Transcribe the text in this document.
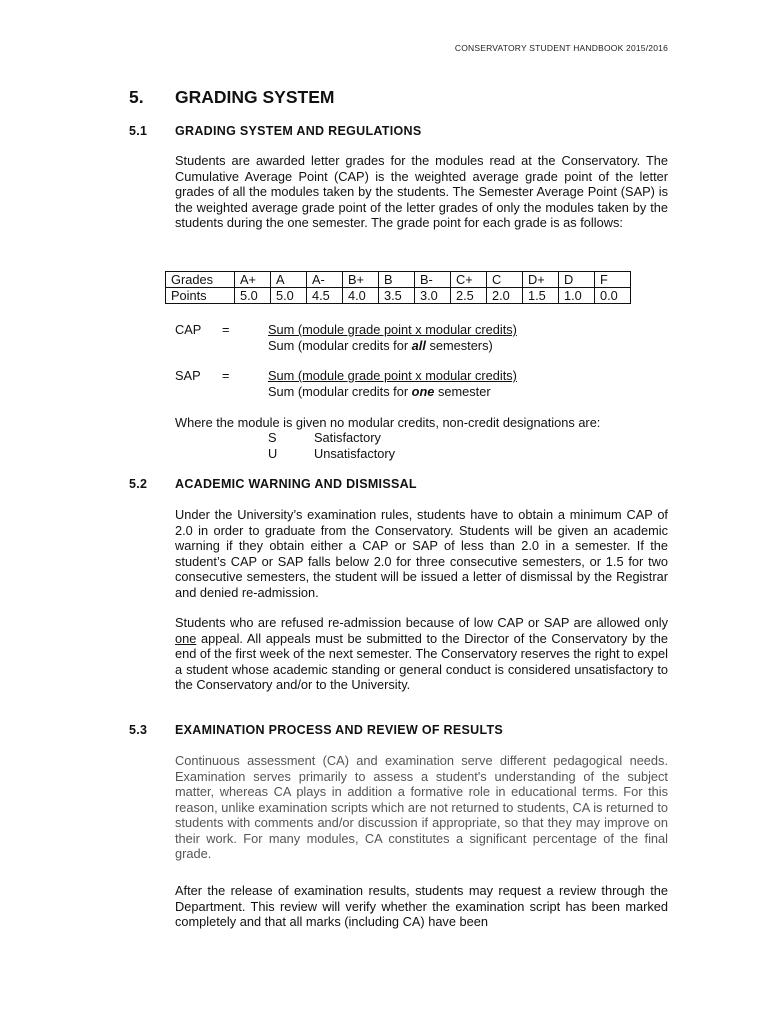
CONSERVATORY STUDENT HANDBOOK 2015/2016
5. GRADING SYSTEM
5.1 GRADING SYSTEM AND REGULATIONS

Students are awarded letter grades for the modules read at the Conservatory. The Cumulative Average Point (CAP) is the weighted average grade point of the letter grades of all the modules taken by the students. The Semester Average Point (SAP) is the weighted average grade point of the letter grades of only the modules taken by the students during the one semester. The grade point for each grade is as follows:

Grades	A+	A	A-	B+	B	B-	C+	C	D+	D	F
Points	5.0	5.0	4.5	4.0	3.5	3.0	2.5	2.0	1.5	1.0	0.0
CAP =	Sum (module grade point x modular credits)
Sum (modular credits for all semesters)
SAP =	Sum (module grade point x modular credits)
Sum (modular credits for one semester
Where the module is given no modular credits, non-credit designations are:
S	Satisfactory
U	Unsatisfactory
5.2 ACADEMIC WARNING AND DISMISSAL

Under the University’s examination rules, students have to obtain a minimum CAP of 2.0 in order to graduate from the Conservatory. Students will be given an academic warning if they obtain either a CAP or SAP of less than 2.0 in a semester. If the student’s CAP or SAP falls below 2.0 for three consecutive semesters, or 1.5 for two consecutive semesters, the student will be issued a letter of dismissal by the Registrar and denied re-admission.

Students who are refused re-admission because of low CAP or SAP are allowed only one appeal. All appeals must be submitted to the Director of the Conservatory by the end of the first week of the next semester. The Conservatory reserves the right to expel a student whose academic standing or general conduct is considered unsatisfactory to the Conservatory and/or to the University.

5.3 EXAMINATION PROCESS AND REVIEW OF RESULTS

Continuous assessment (CA) and examination serve different pedagogical needs. Examination serves primarily to assess a student's understanding of the subject matter, whereas CA plays in addition a formative role in educational terms. For this reason, unlike examination scripts which are not returned to students, CA is returned to students with comments and/or discussion if appropriate, so that they may improve on their work. For many modules, CA constitutes a significant percentage of the final grade.

After the release of examination results, students may request a review through the Department. This review will verify whether the examination script has been marked completely and that all marks (including CA) have been
